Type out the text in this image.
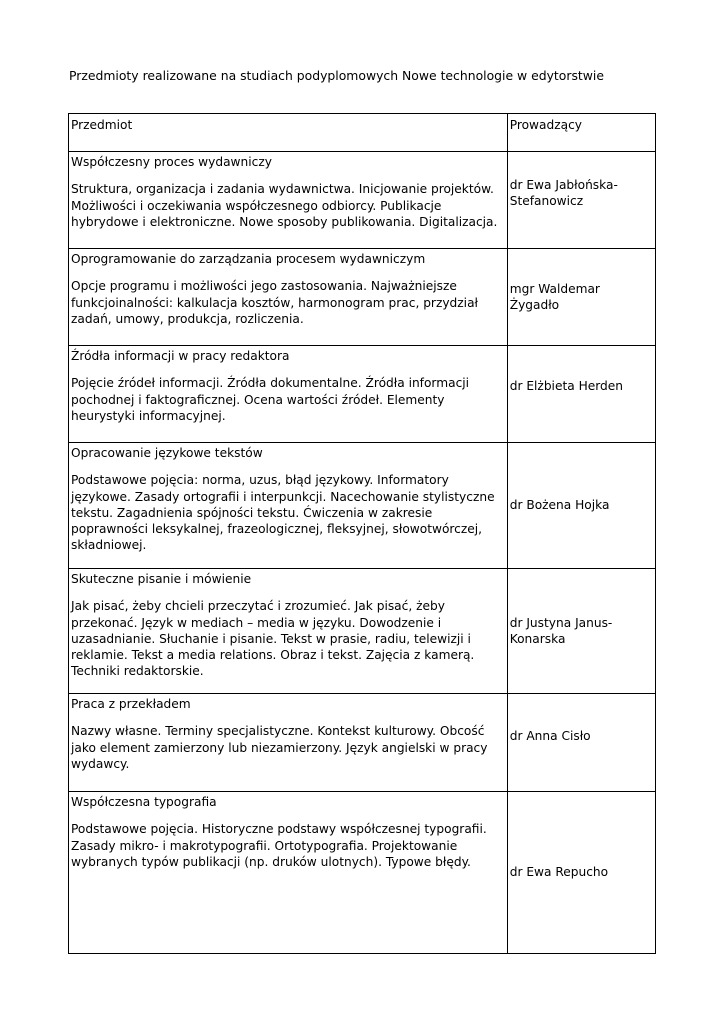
Przedmioty realizowane na studiach podyplomowych Nowe technologie w edytorstwie
Przedmiot	Prowadzący

Współczesny proces wydawniczy
Struktura, organizacja i zadania wydawnictwa. Inicjowanie projektów. Możliwości i oczekiwania współczesnego odbiorcy. Publikacje hybrydowe i elektroniczne. Nowe sposoby publikowania. Digitalizacja.	dr Ewa Jabłońska-Stefanowicz

Oprogramowanie do zarządzania procesem wydawniczym
Opcje programu i możliwości jego zastosowania. Najważniejsze funkcjoinalności: kalkulacja kosztów, harmonogram prac, przydział zadań, umowy, produkcja, rozliczenia.	mgr Waldemar Żygadło

Źródła informacji w pracy redaktora
Pojęcie źródeł informacji. Źródła dokumentalne. Źródła informacji pochodnej i faktograficznej. Ocena wartości źródeł. Elementy heurystyki informacyjnej.	dr Elżbieta Herden

Opracowanie językowe tekstów
Podstawowe pojęcia: norma, uzus, błąd językowy. Informatory językowe. Zasady ortografii i interpunkcji. Nacechowanie stylistyczne tekstu. Zagadnienia spójności tekstu. Ćwiczenia w zakresie poprawności leksykalnej, frazeologicznej, fleksyjnej, słowotwórczej, składniowej.	dr Bożena Hojka

Skuteczne pisanie i mówienie
Jak pisać, żeby chcieli przeczytać i zrozumieć. Jak pisać, żeby przekonać. Język w mediach – media w języku. Dowodzenie i uzasadnianie. Słuchanie i pisanie. Tekst w prasie, radiu, telewizji i reklamie. Tekst a media relations. Obraz i tekst. Zajęcia z kamerą. Techniki redaktorskie.	dr Justyna Janus-Konarska

Praca z przekładem
Nazwy własne. Terminy specjalistyczne. Kontekst kulturowy. Obcość jako element zamierzony lub niezamierzony. Język angielski w pracy wydawcy.	dr Anna Cisło

Współczesna typografia
Podstawowe pojęcia. Historyczne podstawy współczesnej typografii. Zasady mikro- i makrotypografii. Ortotypografia. Projektowanie wybranych typów publikacji (np. druków ulotnych). Typowe błędy.	dr Ewa Repucho
